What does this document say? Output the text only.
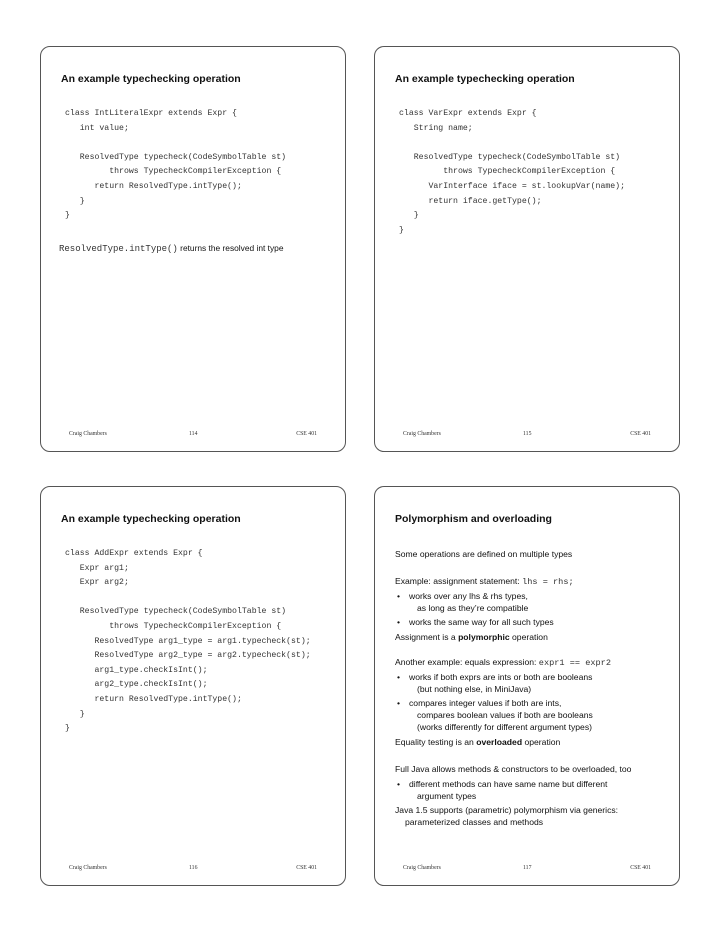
An example typechecking operation
class IntLiteralExpr extends Expr {
int value;
ResolvedType typecheck(CodeSymbolTable st)
throws TypecheckCompilerException {
return ResolvedType.intType();
}
}
ResolvedType.intType() returns the resolved int type
Craig Chambers	114	CSE 401
An example typechecking operation
class VarExpr extends Expr {
String name;
ResolvedType typecheck(CodeSymbolTable st)
throws TypecheckCompilerException {
VarInterface iface = st.lookupVar(name);
return iface.getType();
}
}
Craig Chambers	115	CSE 401
An example typechecking operation
class AddExpr extends Expr {
Expr arg1;
Expr arg2;
ResolvedType typecheck(CodeSymbolTable st)
throws TypecheckCompilerException {
ResolvedType arg1_type = arg1.typecheck(st);
ResolvedType arg2_type = arg2.typecheck(st);
arg1_type.checkIsInt();
arg2_type.checkIsInt();
return ResolvedType.intType();
}
}
Craig Chambers	116	CSE 401
Polymorphism and overloading
Some operations are defined on multiple types
Example: assignment statement: lhs = rhs;
• works over any lhs & rhs types,
as long as they’re compatible
• works the same way for all such types
Assignment is a polymorphic operation
Another example: equals expression: expr1 == expr2
• works if both exprs are ints or both are booleans
(but nothing else, in MiniJava)
• compares integer values if both are ints,
compares boolean values if both are booleans
(works differently for different argument types)
Equality testing is an overloaded operation
Full Java allows methods & constructors to be overloaded, too
• different methods can have same name but different
argument types
Java 1.5 supports (parametric) polymorphism via generics:
parameterized classes and methods
Craig Chambers	117	CSE 401
